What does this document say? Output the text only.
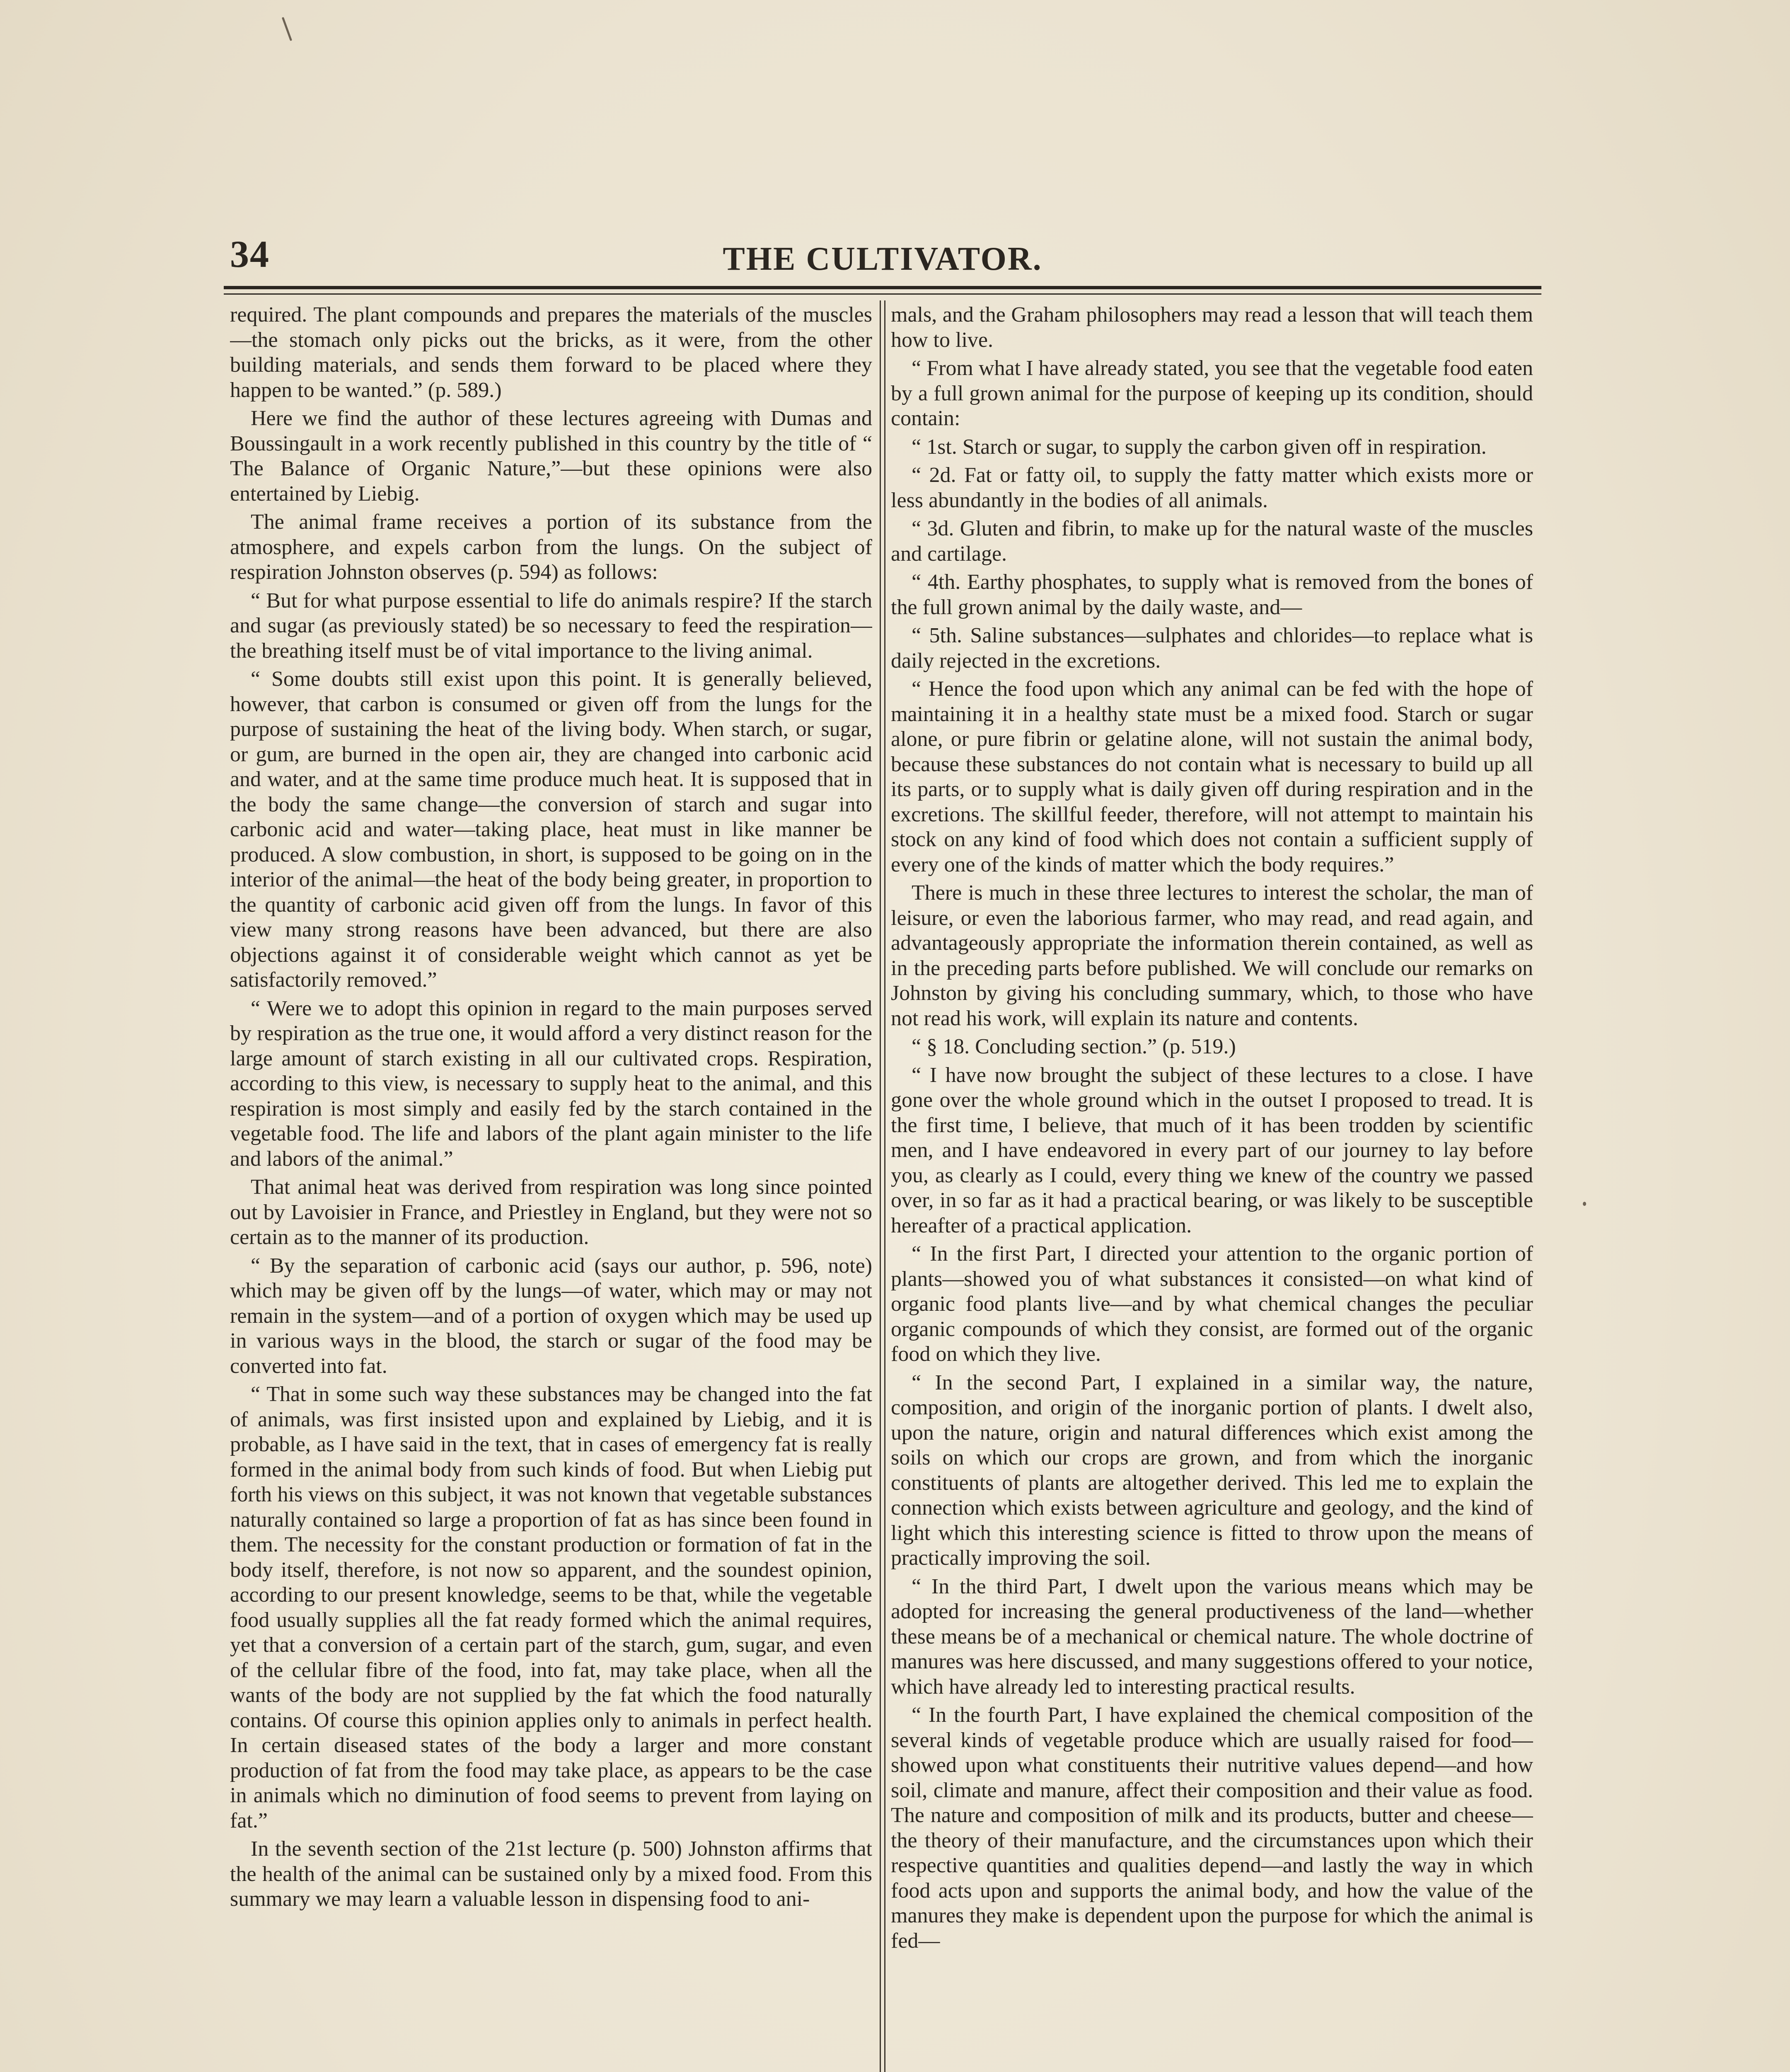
34	THE CULTIVATOR.

required. The plant compounds and prepares the materials of the muscles—the stomach only picks out the bricks, as it were, from the other building materials, and sends them forward to be placed where they happen to be wanted.” (p. 589.)

Here we find the author of these lectures agreeing with Dumas and Boussingault in a work recently published in this country by the title of “ The Balance of Organic Nature,”—but these opinions were also entertained by Liebig.

The animal frame receives a portion of its substance from the atmosphere, and expels carbon from the lungs. On the subject of respiration Johnston observes (p. 594) as follows:

“ But for what purpose essential to life do animals respire? If the starch and sugar (as previously stated) be so necessary to feed the respiration—the breathing itself must be of vital importance to the living animal.

“ Some doubts still exist upon this point. It is generally believed, however, that carbon is consumed or given off from the lungs for the purpose of sustaining the heat of the living body. When starch, or sugar, or gum, are burned in the open air, they are changed into carbonic acid and water, and at the same time produce much heat. It is supposed that in the body the same change—the conversion of starch and sugar into carbonic acid and water—taking place, heat must in like manner be produced. A slow combustion, in short, is supposed to be going on in the interior of the animal—the heat of the body being greater, in proportion to the quantity of carbonic acid given off from the lungs. In favor of this view many strong reasons have been advanced, but there are also objections against it of considerable weight which cannot as yet be satisfactorily removed.”

“ Were we to adopt this opinion in regard to the main purposes served by respiration as the true one, it would afford a very distinct reason for the large amount of starch existing in all our cultivated crops. Respiration, according to this view, is necessary to supply heat to the animal, and this respiration is most simply and easily fed by the starch contained in the vegetable food. The life and labors of the plant again minister to the life and labors of the animal.”

That animal heat was derived from respiration was long since pointed out by Lavoisier in France, and Priestley in England, but they were not so certain as to the manner of its production.

“ By the separation of carbonic acid (says our author, p. 596, note) which may be given off by the lungs—of water, which may or may not remain in the system—and of a portion of oxygen which may be used up in various ways in the blood, the starch or sugar of the food may be converted into fat.

“ That in some such way these substances may be changed into the fat of animals, was first insisted upon and explained by Liebig, and it is probable, as I have said in the text, that in cases of emergency fat is really formed in the animal body from such kinds of food. But when Liebig put forth his views on this subject, it was not known that vegetable substances naturally contained so large a proportion of fat as has since been found in them. The necessity for the constant production or formation of fat in the body itself, therefore, is not now so apparent, and the soundest opinion, according to our present knowledge, seems to be that, while the vegetable food usually supplies all the fat ready formed which the animal requires, yet that a conversion of a certain part of the starch, gum, sugar, and even of the cellular fibre of the food, into fat, may take place, when all the wants of the body are not supplied by the fat which the food naturally contains. Of course this opinion applies only to animals in perfect health. In certain diseased states of the body a larger and more constant production of fat from the food may take place, as appears to be the case in animals which no diminution of food seems to prevent from laying on fat.”

In the seventh section of the 21st lecture (p. 500) Johnston affirms that the health of the animal can be sustained only by a mixed food. From this summary we may learn a valuable lesson in dispensing food to ani-

mals, and the Graham philosophers may read a lesson that will teach them how to live.

“ From what I have already stated, you see that the vegetable food eaten by a full grown animal for the purpose of keeping up its condition, should contain:

“ 1st. Starch or sugar, to supply the carbon given off in respiration.

“ 2d. Fat or fatty oil, to supply the fatty matter which exists more or less abundantly in the bodies of all animals.

“ 3d. Gluten and fibrin, to make up for the natural waste of the muscles and cartilage.

“ 4th. Earthy phosphates, to supply what is removed from the bones of the full grown animal by the daily waste, and—

“ 5th. Saline substances—sulphates and chlorides—to replace what is daily rejected in the excretions.

“ Hence the food upon which any animal can be fed with the hope of maintaining it in a healthy state must be a mixed food. Starch or sugar alone, or pure fibrin or gelatine alone, will not sustain the animal body, because these substances do not contain what is necessary to build up all its parts, or to supply what is daily given off during respiration and in the excretions. The skillful feeder, therefore, will not attempt to maintain his stock on any kind of food which does not contain a sufficient supply of every one of the kinds of matter which the body requires.”

There is much in these three lectures to interest the scholar, the man of leisure, or even the laborious farmer, who may read, and read again, and advantageously appropriate the information therein contained, as well as in the preceding parts before published. We will conclude our remarks on Johnston by giving his concluding summary, which, to those who have not read his work, will explain its nature and contents.

“ § 18. Concluding section.” (p. 519.)

“ I have now brought the subject of these lectures to a close. I have gone over the whole ground which in the outset I proposed to tread. It is the first time, I believe, that much of it has been trodden by scientific men, and I have endeavored in every part of our journey to lay before you, as clearly as I could, every thing we knew of the country we passed over, in so far as it had a practical bearing, or was likely to be susceptible hereafter of a practical application.

“ In the first Part, I directed your attention to the organic portion of plants—showed you of what substances it consisted—on what kind of organic food plants live—and by what chemical changes the peculiar organic compounds of which they consist, are formed out of the organic food on which they live.

“ In the second Part, I explained in a similar way, the nature, composition, and origin of the inorganic portion of plants. I dwelt also, upon the nature, origin and natural differences which exist among the soils on which our crops are grown, and from which the inorganic constituents of plants are altogether derived. This led me to explain the connection which exists between agriculture and geology, and the kind of light which this interesting science is fitted to throw upon the means of practically improving the soil.

“ In the third Part, I dwelt upon the various means which may be adopted for increasing the general productiveness of the land—whether these means be of a mechanical or chemical nature. The whole doctrine of manures was here discussed, and many suggestions offered to your notice, which have already led to interesting practical results.

“ In the fourth Part, I have explained the chemical composition of the several kinds of vegetable produce which are usually raised for food—showed upon what constituents their nutritive values depend—and how soil, climate and manure, affect their composition and their value as food. The nature and composition of milk and its products, butter and cheese—the theory of their manufacture, and the circumstances upon which their respective quantities and qualities depend—and lastly the way in which food acts upon and supports the animal body, and how the value of the manures they make is dependent upon the purpose for which the animal is fed—
